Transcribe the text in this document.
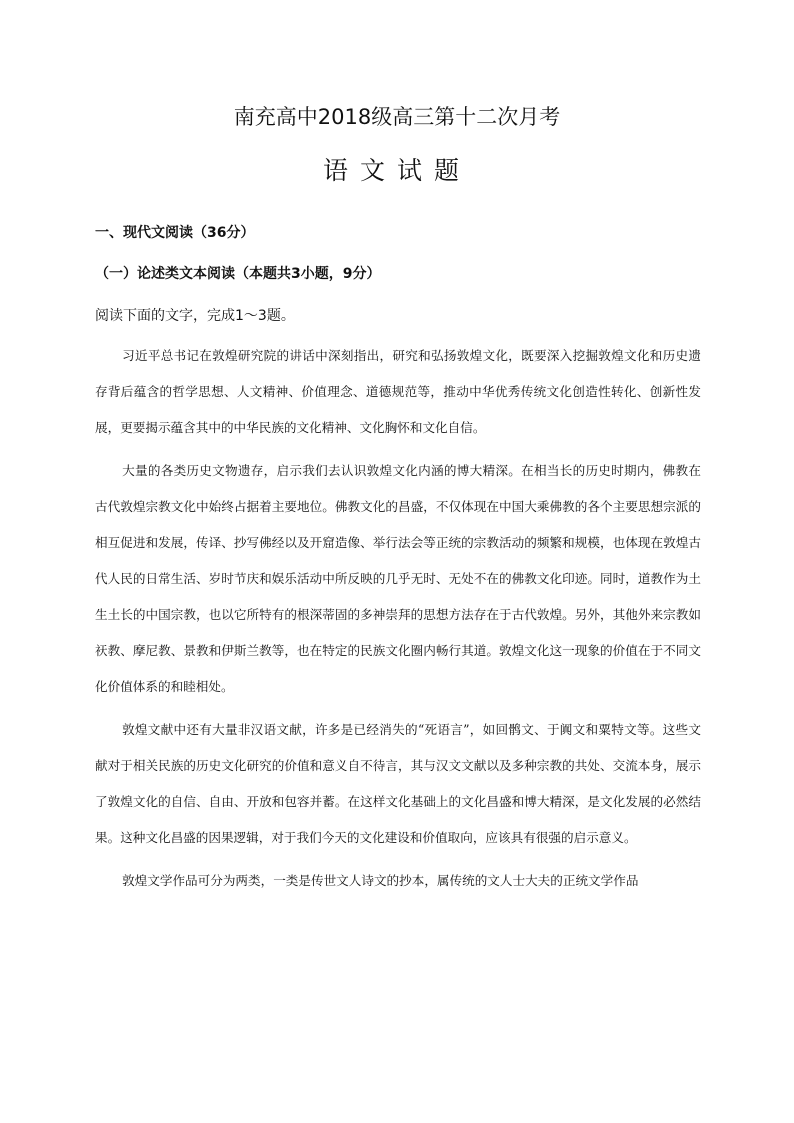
南充高中2018级高三第十二次月考
语文试题
一、现代文阅读（36分）
（一）论述类文本阅读（本题共3小题，9分）
阅读下面的文字，完成1～3题。

习近平总书记在敦煌研究院的讲话中深刻指出，研究和弘扬敦煌文化，既要深入挖掘敦煌文化和历史遗存背后蕴含的哲学思想、人文精神、价值理念、道德规范等，推动中华优秀传统文化创造性转化、创新性发展，更要揭示蕴含其中的中华民族的文化精神、文化胸怀和文化自信。

大量的各类历史文物遗存，启示我们去认识敦煌文化内涵的博大精深。在相当长的历史时期内，佛教在古代敦煌宗教文化中始终占据着主要地位。佛教文化的昌盛，不仅体现在中国大乘佛教的各个主要思想宗派的相互促进和发展，传译、抄写佛经以及开窟造像、举行法会等正统的宗教活动的频繁和规模，也体现在敦煌古代人民的日常生活、岁时节庆和娱乐活动中所反映的几乎无时、无处不在的佛教文化印迹。同时，道教作为土生土长的中国宗教，也以它所特有的根深蒂固的多神崇拜的思想方法存在于古代敦煌。另外，其他外来宗教如祆教、摩尼教、景教和伊斯兰教等，也在特定的民族文化圈内畅行其道。敦煌文化这一现象的价值在于不同文化价值体系的和睦相处。

敦煌文献中还有大量非汉语文献，许多是已经消失的“死语言”，如回鹘文、于阗文和粟特文等。这些文献对于相关民族的历史文化研究的价值和意义自不待言，其与汉文文献以及多种宗教的共处、交流本身，展示了敦煌文化的自信、自由、开放和包容并蓄。在这样文化基础上的文化昌盛和博大精深，是文化发展的必然结果。这种文化昌盛的因果逻辑，对于我们今天的文化建设和价值取向，应该具有很强的启示意义。

敦煌文学作品可分为两类，一类是传世文人诗文的抄本，属传统的文人士大夫的正统文学作品
